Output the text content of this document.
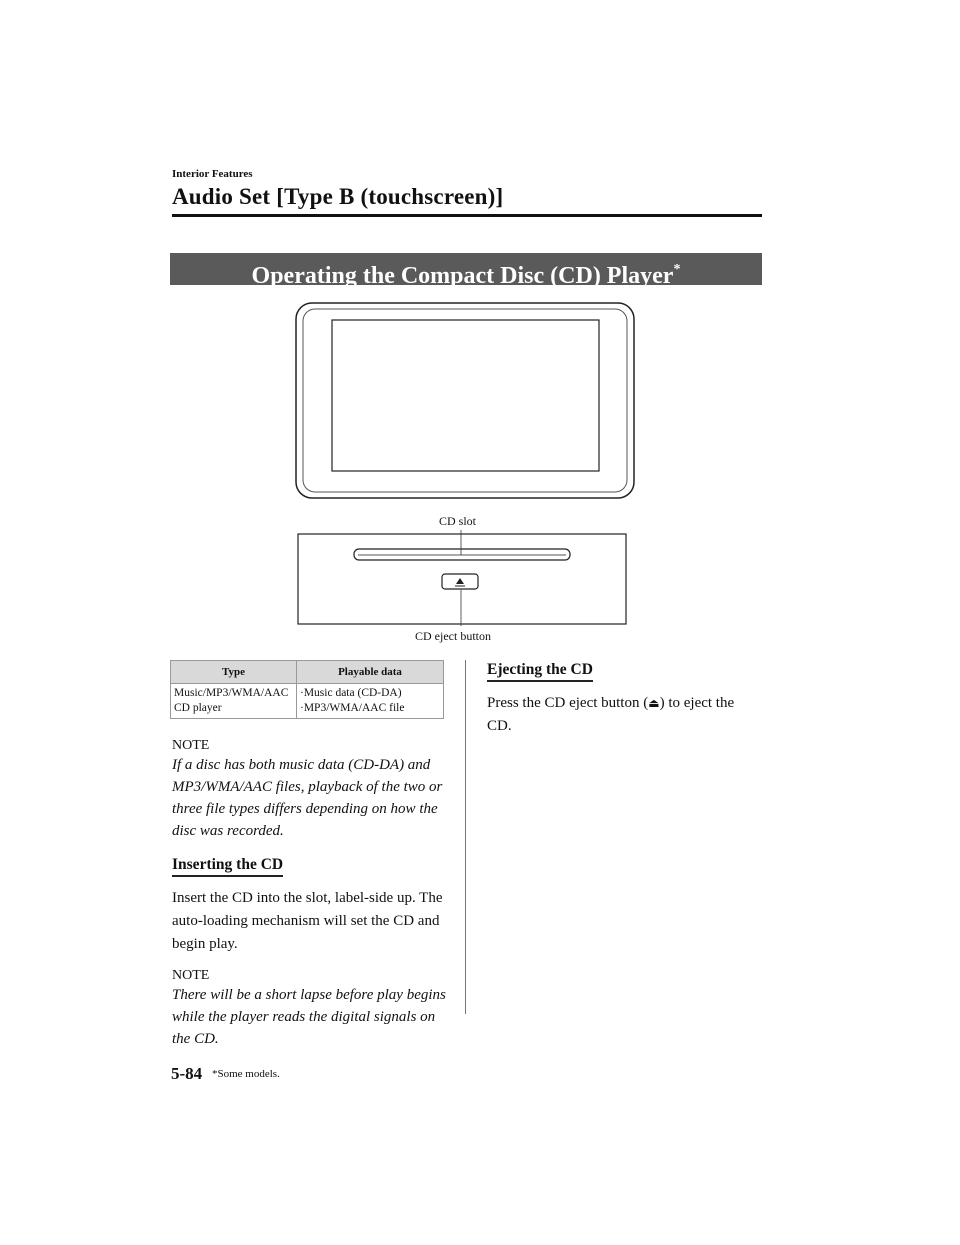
Interior Features
Audio Set [Type B (touchscreen)]
Operating the Compact Disc (CD) Player*
CD slot
CD eject button
Type	Playable data
Music/MP3/WMA/AAC CD player	·Music data (CD-DA)
·MP3/WMA/AAC file
NOTE
If a disc has both music data (CD-DA) and MP3/WMA/AAC files, playback of the two or three file types differs depending on how the disc was recorded.
Inserting the CD
Insert the CD into the slot, label-side up. The auto-loading mechanism will set the CD and begin play.
NOTE
There will be a short lapse before play begins while the player reads the digital signals on the CD.
Ejecting the CD
Press the CD eject button (⏏) to eject the CD.
5-84 *Some models.
